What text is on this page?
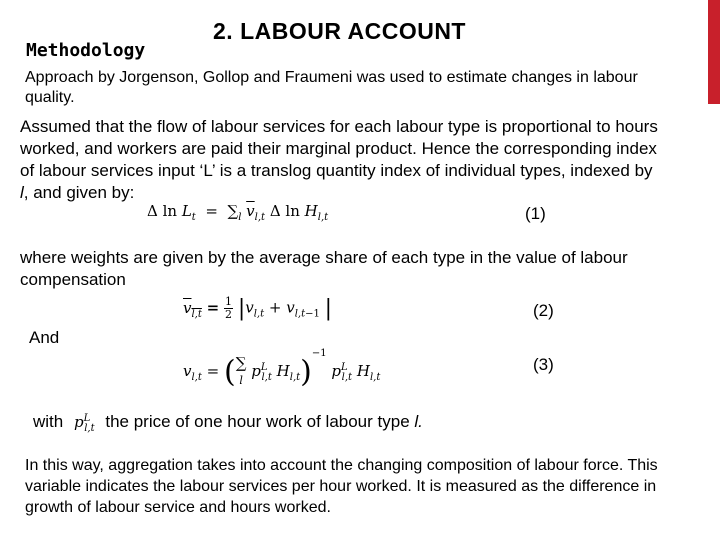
2. LABOUR ACCOUNT
Methodology
Approach by Jorgenson, Gollop and Fraumeni was used to estimate changes in labour quality.
Assumed that the flow of labour services for each labour type is proportional to hours
worked, and workers are paid their marginal product. Hence the corresponding index
of labour services input ‘L’ is a translog quantity index of individual types, indexed by
l, and given by:
Δ $\ln L_t = \sum_l$ $\overline{v}_{l,t}$ Δ $\ln H_{l,t}$	(1)
where weights are given by the average share of each type in the value of labour compensation
$v_{l,t} = 1$
2 $|v_{l,t} + v_{l,t-1}$ |	(2)
And
$v_{l,t}$ = (∑
l $p^L_{l,t}$ $H_{l,t})^{-1}$ $p^L_{l,t}$ $H_{l,t}$
(3)
with $p^L_{l,t}$ the price of one hour work of labour type l.
In this way, aggregation takes into account the changing composition of labour force. This variable indicates the labour services per hour worked. It is measured as the difference in growth of labour service and hours worked.
